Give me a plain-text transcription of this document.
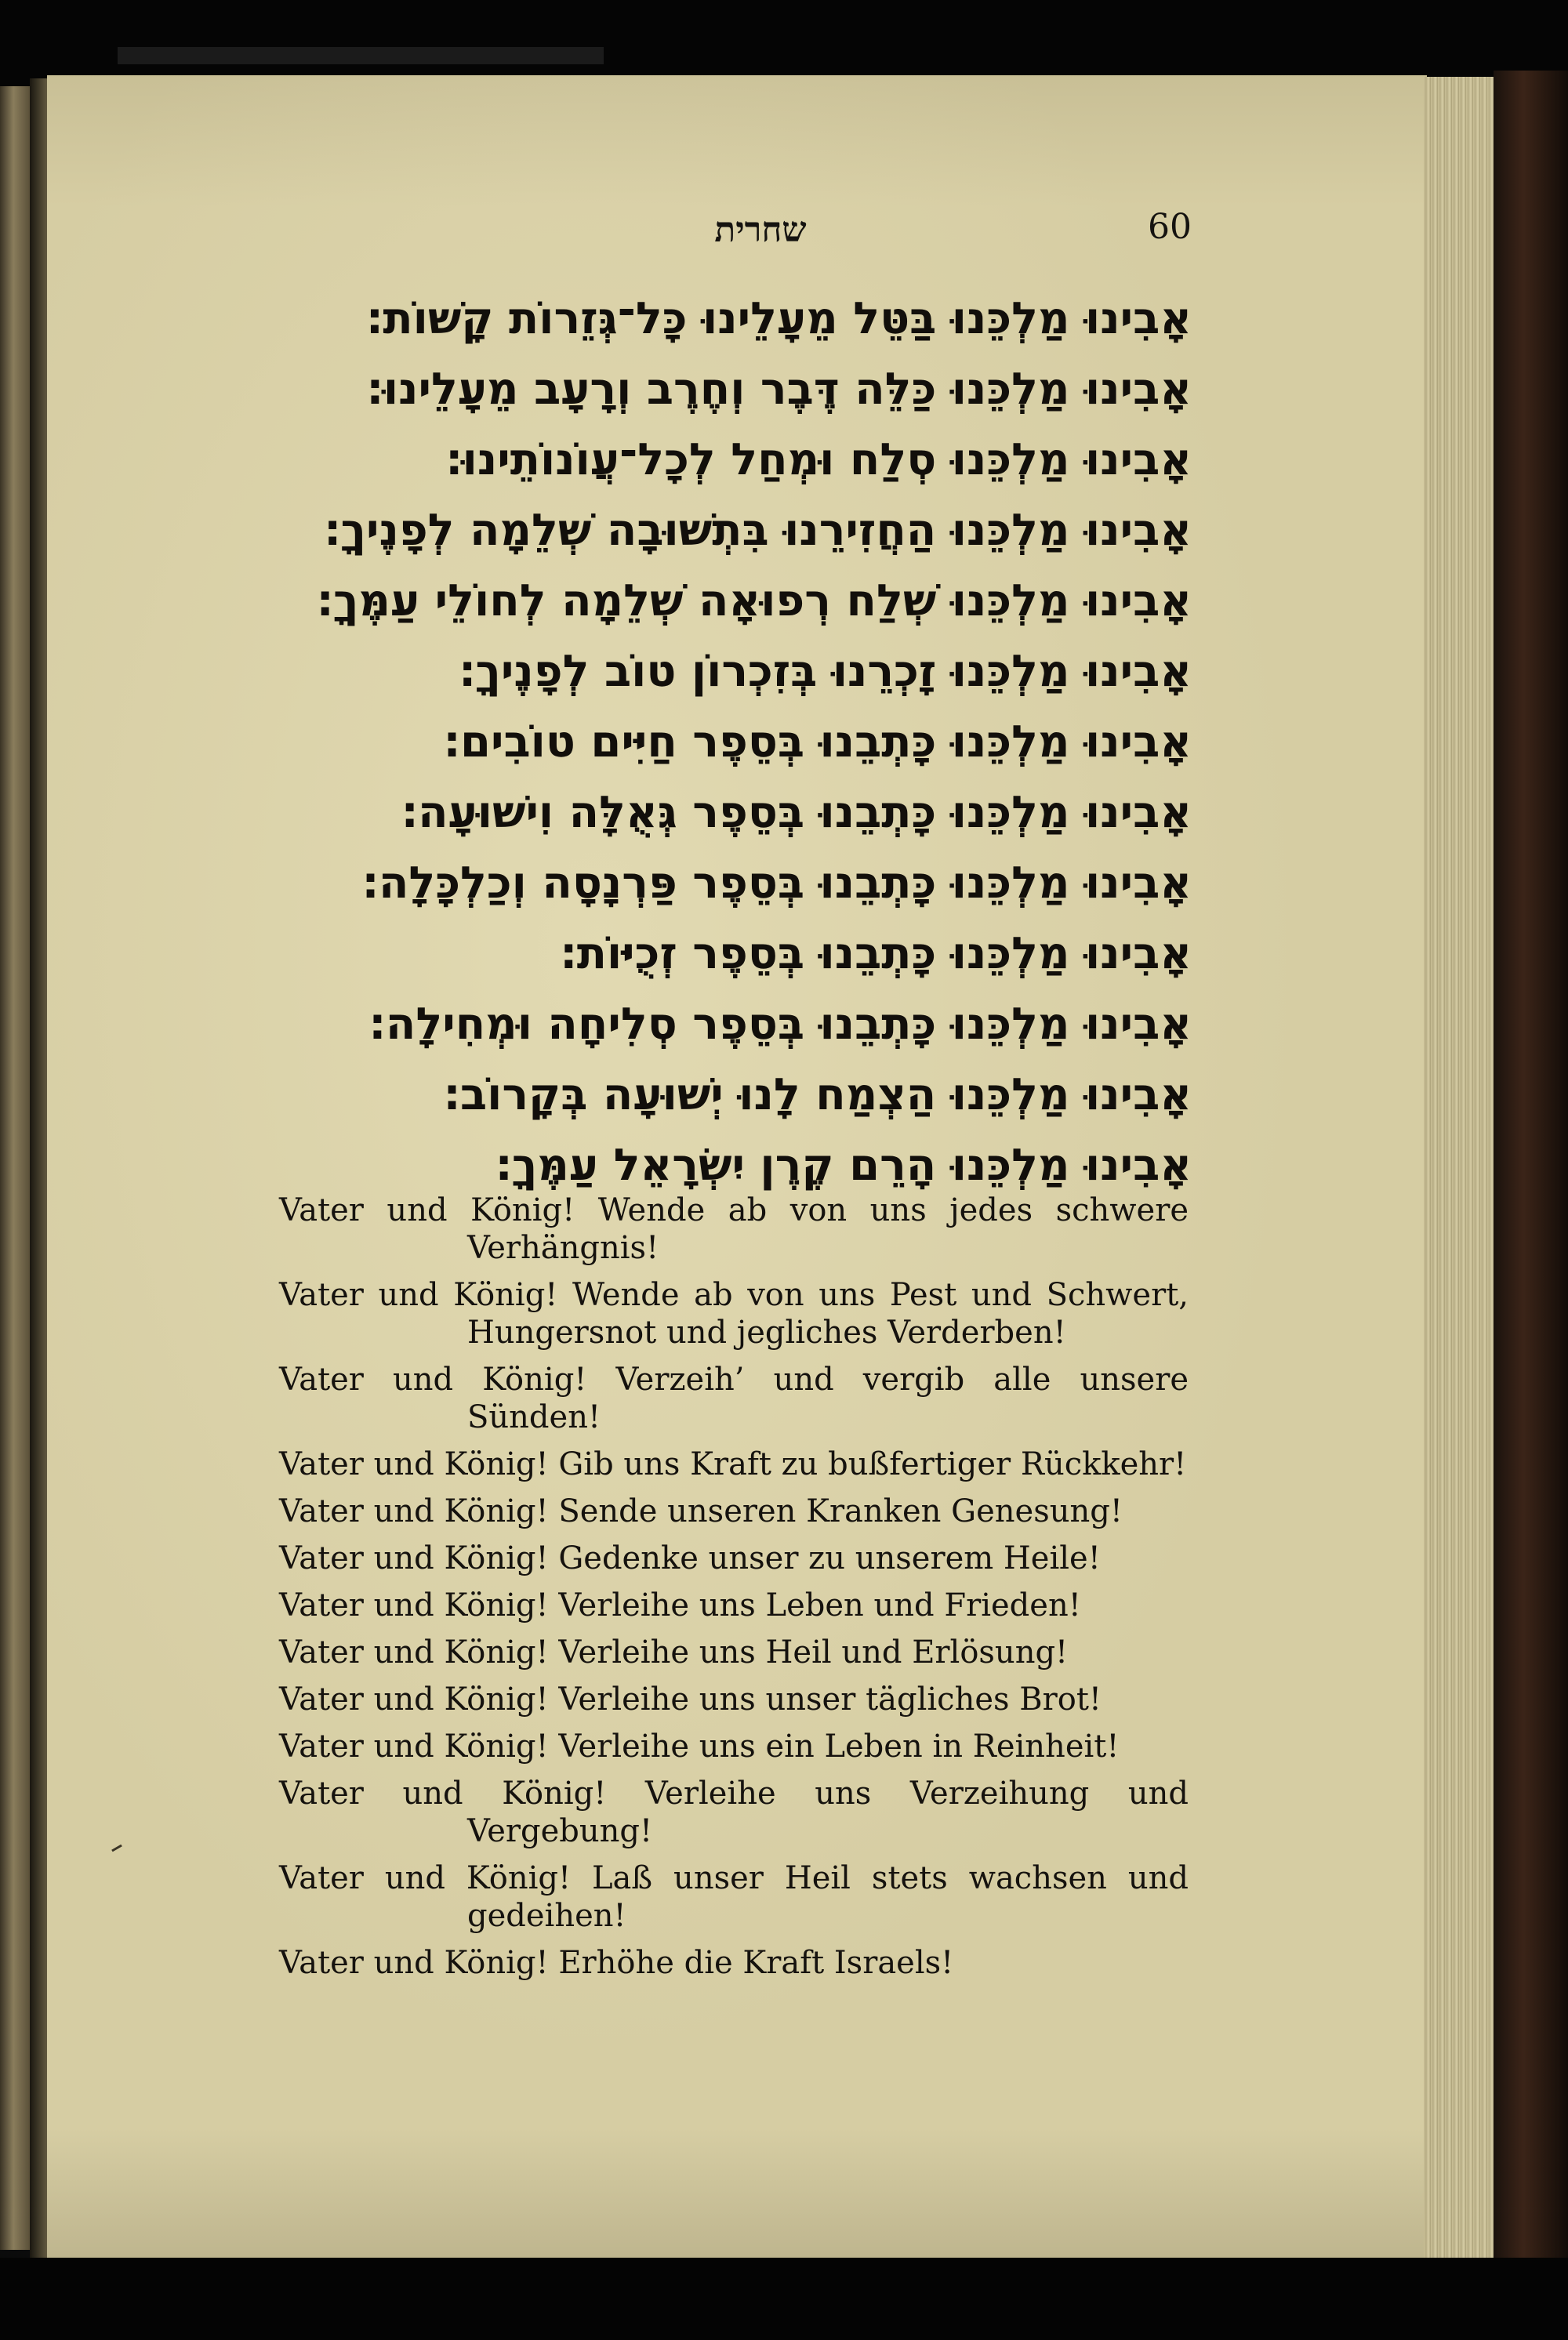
שחרית	60
אָבִינוּ מַלְכֵּנוּ בַּטֵּל מֵעָלֵינוּ כָּל־גְּזֵרוֹת קָשׁוֹת׃
אָבִינוּ מַלְכֵּנוּ כַּלֵּה דֶּבֶר וְחֶרֶב וְרָעָב מֵעָלֵינוּ׃
אָבִינוּ מַלְכֵּנוּ סְלַח וּמְחַל לְכָל־עֲוֹנוֹתֵינוּ׃
אָבִינוּ מַלְכֵּנוּ הַחֲזִירֵנוּ בִּתְשׁוּבָה שְׁלֵמָה לְפָנֶיךָ׃
אָבִינוּ מַלְכֵּנוּ שְׁלַח רְפוּאָה שְׁלֵמָה לְחוֹלֵי עַמֶּךָ׃
אָבִינוּ מַלְכֵּנוּ זָכְרֵנוּ בְּזִכְרוֹן טוֹב לְפָנֶיךָ׃
אָבִינוּ מַלְכֵּנוּ כָּתְבֵנוּ בְּסֵפֶר חַיִּים טוֹבִים׃
אָבִינוּ מַלְכֵּנוּ כָּתְבֵנוּ בְּסֵפֶר גְּאֻלָּה וִישׁוּעָה׃
אָבִינוּ מַלְכֵּנוּ כָּתְבֵנוּ בְּסֵפֶר פַּרְנָסָה וְכַלְכָּלָה׃
אָבִינוּ מַלְכֵּנוּ כָּתְבֵנוּ בְּסֵפֶר זְכֻיּוֹת׃
אָבִינוּ מַלְכֵּנוּ כָּתְבֵנוּ בְּסֵפֶר סְלִיחָה וּמְחִילָה׃
אָבִינוּ מַלְכֵּנוּ הַצְמַח לָנוּ יְשׁוּעָה בְּקָרוֹב׃
אָבִינוּ מַלְכֵּנוּ הָרֵם קֶרֶן יִשְׂרָאֵל עַמֶּךָ׃
Vater und König! Wende ab von uns jedes schwere Verhängnis!
Vater und König! Wende ab von uns Pest und Schwert, Hungersnot und jegliches Verderben!
Vater und König! Verzeih’ und vergib alle unsere Sünden!
Vater und König! Gib uns Kraft zu bußfertiger Rückkehr!
Vater und König! Sende unseren Kranken Genesung!
Vater und König! Gedenke unser zu unserem Heile!
Vater und König! Verleihe uns Leben und Frieden!
Vater und König! Verleihe uns Heil und Erlösung!
Vater und König! Verleihe uns unser tägliches Brot!
Vater und König! Verleihe uns ein Leben in Reinheit!
Vater und König! Verleihe uns Verzeihung und Vergebung!
Vater und König! Laß unser Heil stets wachsen und gedeihen!
Vater und König! Erhöhe die Kraft Israels!
